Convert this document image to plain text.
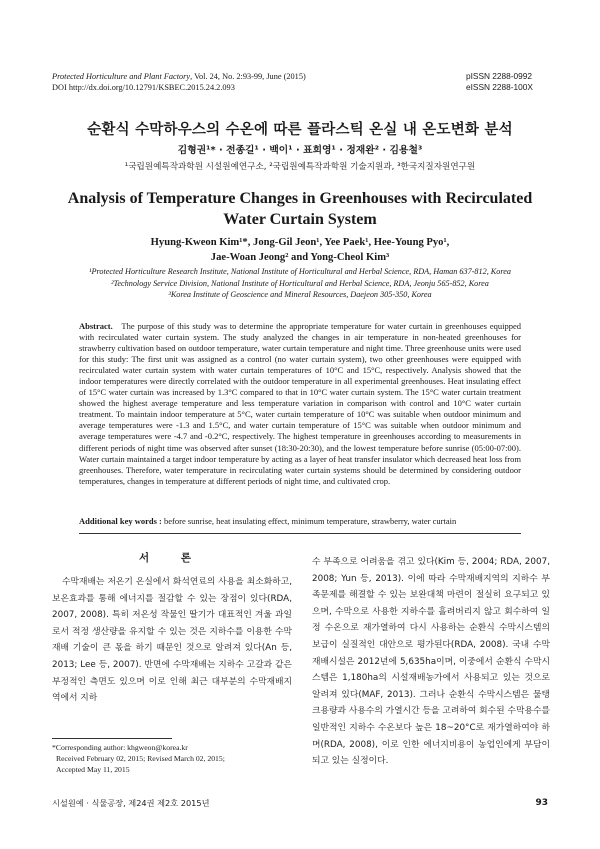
Protected Horticulture and Plant Factory, Vol. 24, No. 2:93-99, June (2015)
DOI http://dx.doi.org/10.12791/KSBEC.2015.24.2.093
pISSN 2288-0992
eISSN 2288-100X
순환식 수막하우스의 수온에 따른 플라스틱 온실 내 온도변화 분석
김형권¹* · 전종길¹ · 백이¹ · 표희영¹ · 정재완² · 김용철³
¹국립원예특작과학원 시설원예연구소, ²국립원예특작과학원 기술지원과, ³한국지질자원연구원
Analysis of Temperature Changes in Greenhouses with Recirculated Water Curtain System
Hyung-Kweon Kim¹*, Jong-Gil Jeon¹, Yee Paek¹, Hee-Young Pyo¹,
Jae-Woan Jeong² and Yong-Cheol Kim³
¹Protected Horticulture Research Institute, National Institute of Horticultural and Herbal Science, RDA, Haman 637-812, Korea
²Technology Service Division, National Institute of Horticultural and Herbal Science, RDA, Jeonju 565-852, Korea
³Korea Institute of Geoscience and Mineral Resources, Daejeon 305-350, Korea
Abstract. The purpose of this study was to determine the appropriate temperature for water curtain in greenhouses equipped with recirculated water curtain system. The study analyzed the changes in air temperature in non-heated greenhouses for strawberry cultivation based on outdoor temperature, water curtain temperature and night time. Three greenhouse units were used for this study: The first unit was assigned as a control (no water curtain system), two other greenhouses were equipped with recirculated water curtain system with water curtain temperatures of 10°C and 15°C, respectively. Analysis showed that the indoor temperatures were directly correlated with the outdoor temperature in all experimental greenhouses. Heat insulating effect of 15°C water curtain was increased by 1.3°C compared to that in 10°C water curtain system. The 15°C water curtain treatment showed the highest average temperature and less temperature variation in comparison with control and 10°C water curtain treatment. To maintain indoor temperature at 5°C, water curtain temperature of 10°C was suitable when outdoor minimum and average temperatures were -1.3 and 1.5°C, and water curtain temperature of 15°C was suitable when outdoor minimum and average temperatures were -4.7 and -0.2°C, respectively. The highest temperature in greenhouses according to measurements in different periods of night time was observed after sunset (18:30-20:30), and the lowest temperature before sunrise (05:00-07:00). Water curtain maintained a target indoor temperature by acting as a layer of heat transfer insulator which decreased heat loss from greenhouses. Therefore, water temperature in recirculating water curtain systems should be determined by considering outdoor temperatures, changes in temperature at different periods of night time, and cultivated crop.
Additional key words : before sunrise, heat insulating effect, minimum temperature, strawberry, water curtain
서 론
수막재배는 저온기 온실에서 화석연료의 사용을 최소화하고, 보온효과를 통해 에너지를 절감할 수 있는 장점이 있다(RDA, 2007, 2008). 특히 저온성 작물인 딸기가 대표적인 겨울 과일로서 적정 생산량을 유지할 수 있는 것은 지하수를 이용한 수막재배 기술이 큰 몫을 하기 때문인 것으로 알려져 있다(An 등, 2013; Lee 등, 2007). 반면에 수막재배는 지하수 고갈과 같은 부정적인 측면도 있으며 이로 인해 최근 대부분의 수막재배지역에서 지하
수 부족으로 어려움을 겪고 있다(Kim 등, 2004; RDA, 2007, 2008; Yun 등, 2013). 이에 따라 수막재배지역의 지하수 부족문제를 해결할 수 있는 보완대책 마련이 절실히 요구되고 있으며, 수막으로 사용한 지하수를 흘려버리지 않고 회수하여 일정 수온으로 재가열하여 다시 사용하는 순환식 수막시스템의 보급이 실질적인 대안으로 평가된다(RDA, 2008). 국내 수막재배시설은 2012년에 5,635ha이며, 이중에서 순환식 수막시스템은 1,180ha의 시설재배농가에서 사용되고 있는 것으로 알려져 있다(MAF, 2013). 그러나 순환식 수막시스템은 물탱크용량과 사용수의 가열시간 등을 고려하여 회수된 수막용수를 일반적인 지하수 수온보다 높은 18~20°C로 재가열하여야 하며(RDA, 2008), 이로 인한 에너지비용이 농업인에게 부담이 되고 있는 실정이다.
*Corresponding author: khgweon@korea.kr
Received February 02, 2015; Revised March 02, 2015;
Accepted May 11, 2015
시설원예 · 식물공장, 제24권 제2호 2015년	93
